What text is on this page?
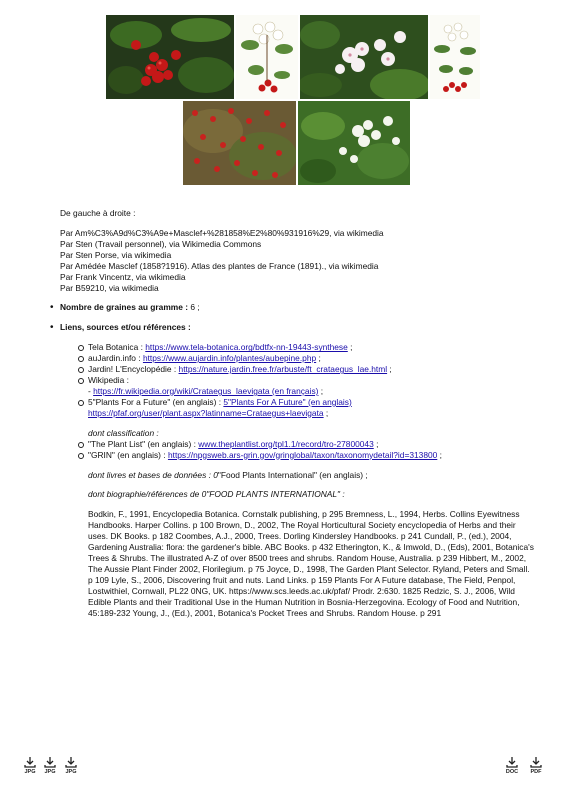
De gauche à droite :

Par Am%C3%A9d%C3%A9e+Masclef+%281858%E2%80%931916%29, via wikimedia

Par Sten (Travail personnel), via Wikimedia Commons

Par Sten Porse, via wikimedia

Par Amédée Masclef (1858?1916). Atlas des plantes de France (1891)., via wikimedia

Par Frank Vincentz, via wikimedia

Par B59210, via wikimedia

• Nombre de graines au gramme : 6 ;
• Liens, sources et/ou références :
Tela Botanica : https://www.tela-botanica.org/bdtfx-nn-19443-synthese ;
auJardin.info : https://www.aujardin.info/plantes/aubepine.php ;
Jardin! L'Encyclopédie : https://nature.jardin.free.fr/arbuste/ft_crataegus_lae.html ;
Wikipedia :
- https://fr.wikipedia.org/wiki/Crataegus_laevigata (en français) ;
5"Plants For a Future" (en anglais) : 5"Plants For A Future" (en anglais)
https://pfaf.org/user/plant.aspx?latinname=Crataegus+laevigata ;
dont classification :
"The Plant List" (en anglais) : www.theplantlist.org/tpl1.1/record/tro-27800043 ;
"GRIN" (en anglais) : https://npgsweb.ars-grin.gov/gringlobal/taxon/taxonomydetail?id=313800 ;
dont livres et bases de données : 0"Food Plants International" (en anglais) ;
dont biographie/références de 0"FOOD PLANTS INTERNATIONAL" :

Bodkin, F., 1991, Encyclopedia Botanica. Cornstalk publishing, p 295 Bremness, L., 1994, Herbs. Collins Eyewitness Handbooks. Harper Collins. p 100 Brown, D., 2002, The Royal Horticultural Society encyclopedia of Herbs and their uses. DK Books. p 182 Coombes, A.J., 2000, Trees. Dorling Kindersley Handbooks. p 241 Cundall, P., (ed.), 2004, Gardening Australia: flora: the gardener's bible. ABC Books. p 432 Etherington, K., & Imwold, D., (Eds), 2001, Botanica's Trees & Shrubs. The illustrated A-Z of over 8500 trees and shrubs. Random House, Australia. p 239 Hibbert, M., 2002, The Aussie Plant Finder 2002, Florilegium. p 75 Joyce, D., 1998, The Garden Plant Selector. Ryland, Peters and Small. p 109 Lyle, S., 2006, Discovering fruit and nuts. Land Links. p 159 Plants For A Future database, The Field, Penpol, Lostwithiel, Cornwall, PL22 0NG, UK. https://www.scs.leeds.ac.uk/pfaf/ Prodr. 2:630. 1825 Redzic, S. J., 2006, Wild Edible Plants and their Traditional Use in the Human Nutrition in Bosnia-Herzegovina. Ecology of Food and Nutrition, 45:189-232 Young, J., (Ed.), 2001, Botanica's Pocket Trees and Shrubs. Random House. p 291

JPG	JPG	JPG	DOC	PDF
